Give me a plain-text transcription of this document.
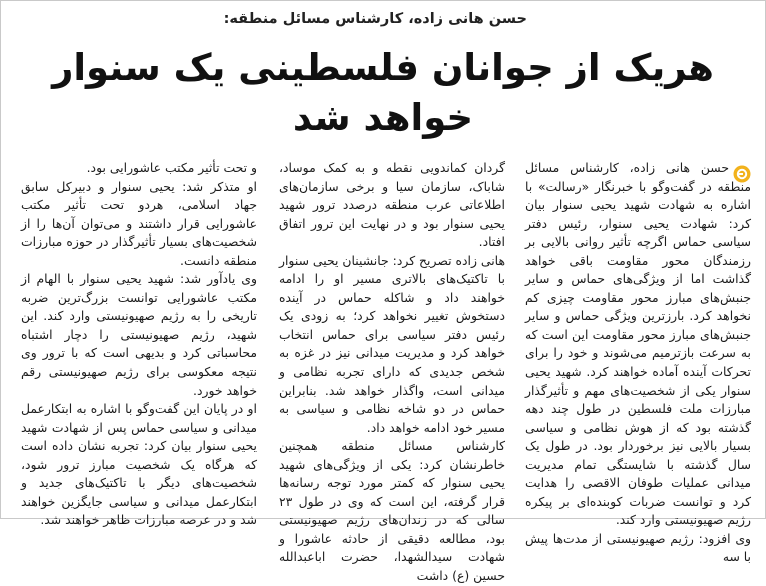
حسن هانی زاده، کارشناس مسائل منطقه:
هریک از جوانان فلسطینی یک سنوار
خواهد شد

حسن هانی زاده، کارشناس مسائل منطقه در گفت‌وگو با خبرنگار «رسالت» با اشاره به شهادت شهید یحیی سنوار بیان کرد: شهادت یحیی سنوار، رئیس دفتر سیاسی حماس اگرچه تأثیر روانی بالایی بر رزمندگان محور مقاومت باقی خواهد گذاشت اما از ویژگی‌های حماس و سایر جنبش‌های مبارز محور مقاومت چیزی کم نخواهد کرد. بارزترین ویژگی حماس و سایر جنبش‌های مبارز محور مقاومت این است که به سرعت بازترمیم می‌شوند و خود را برای تحرکات آینده آماده خواهند کرد. شهید یحیی سنوار یکی از شخصیت‌های مهم و تأثیرگذار مبارزات ملت فلسطین در طول چند دهه گذشته بود که از هوش نظامی و سیاسی بسیار بالایی نیز برخوردار بود. در طول یک سال گذشته با شایستگی تمام مدیریت میدانی عملیات طوفان الاقصی را هدایت کرد و توانست ضربات کوبنده‌ای بر پیکره رژیم صهیونیستی وارد کند.

وی افزود: رژیم صهیونیستی از مدت‌ها پیش با سه

گردان کماندویی نقطه و به کمک موساد، شاباک، سازمان سیا و برخی سازمان‌های اطلاعاتی عرب منطقه درصدد ترور شهید یحیی سنوار بود و در نهایت این ترور اتفاق افتاد.

هانی زاده تصریح کرد: جانشینان یحیی سنوار با تاکتیک‌های بالاتری مسیر او را ادامه خواهند داد و شاکله حماس در آینده دستخوش تغییر نخواهد کرد؛ به زودی یک رئیس دفتر سیاسی برای حماس انتخاب خواهد کرد و مدیریت میدانی نیز در غزه به شخص جدیدی که دارای تجربه نظامی و میدانی است، واگذار خواهد شد. بنابراین حماس در دو شاخه نظامی و سیاسی به مسیر خود ادامه خواهد داد.

کارشناس مسائل منطقه همچنین خاطرنشان کرد: یکی از ویژگی‌های شهید یحیی سنوار که کمتر مورد توجه رسانه‌ها قرار گرفته، این است که وی در طول ۲۳ سالی که در زندان‌های رژیم صهیونیستی بود، مطالعه دقیقی از حادثه عاشورا و شهادت سیدالشهدا، حضرت اباعبدالله حسین (ع) داشت

و تحت تأثیر مکتب عاشورایی بود.

او متذکر شد: یحیی سنوار و دبیرکل سابق جهاد اسلامی، هردو تحت تأثیر مکتب عاشورایی قرار داشتند و می‌توان آن‌ها را از شخصیت‌های بسیار تأثیرگذار در حوزه مبارزات منطقه دانست.

وی یادآور شد: شهید یحیی سنوار با الهام از مکتب عاشورایی توانست بزرگ‌ترین ضربه تاریخی را به رژیم صهیونیستی وارد کند. این شهید، رژیم صهیونیستی را دچار اشتباه محاسباتی کرد و بدیهی است که با ترور وی نتیجه معکوسی برای رژیم صهیونیستی رقم خواهد خورد.

او در پایان این گفت‌وگو با اشاره به ابتکارعمل میدانی و سیاسی حماس پس از شهادت شهید یحیی سنوار بیان کرد: تجربه نشان داده است که هرگاه یک شخصیت مبارز ترور شود، شخصیت‌های دیگر با تاکتیک‌های جدید و ابتکارعمل میدانی و سیاسی جایگزین خواهند شد و در عرصه مبارزات ظاهر خواهند شد.
